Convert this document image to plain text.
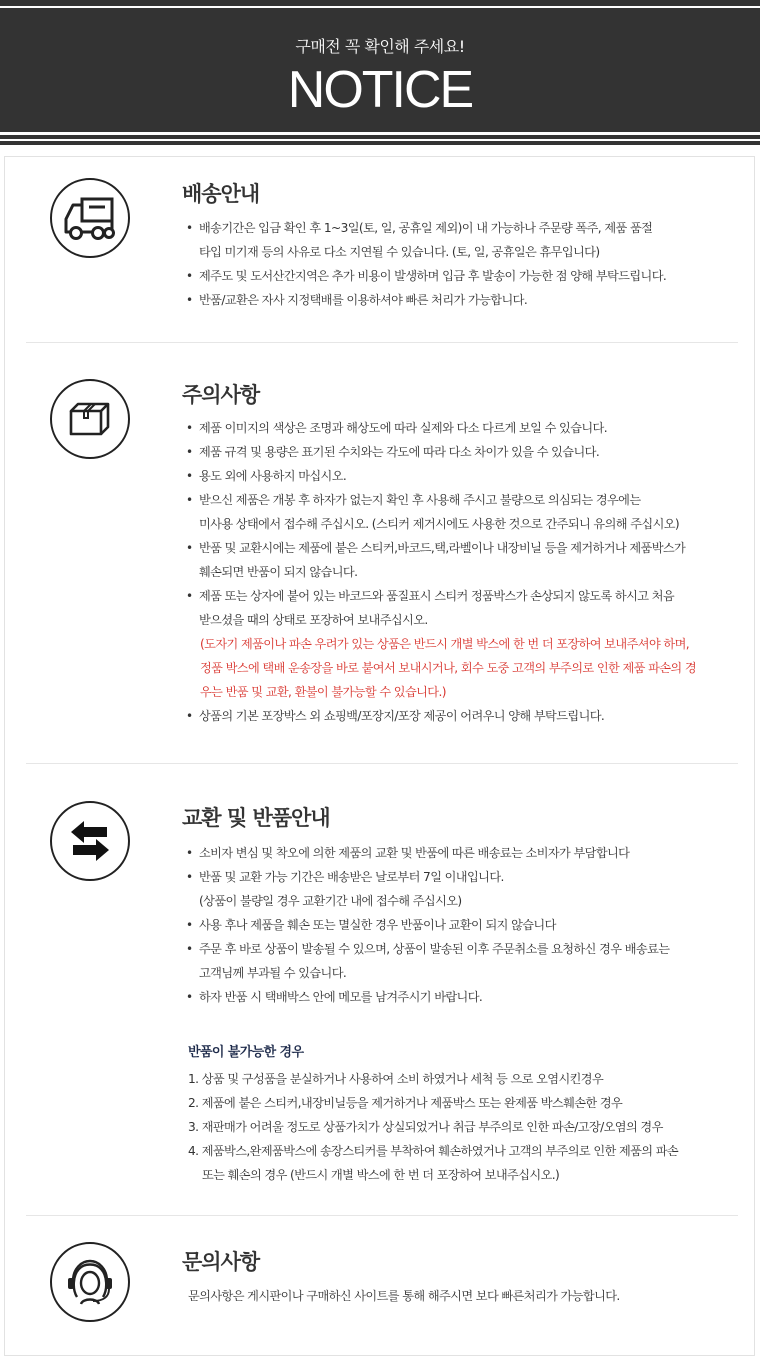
구매전 꼭 확인해 주세요!
NOTICE
배송안내
• 배송기간은 입금 확인 후 1~3일(토, 일, 공휴일 제외)이 내 가능하나 주문량 폭주, 제품 품절
타입 미기재 등의 사유로 다소 지연될 수 있습니다. (토, 일, 공휴일은 휴무입니다)
• 제주도 및 도서산간지역은 추가 비용이 발생하며 입금 후 발송이 가능한 점 양해 부탁드립니다.
• 반품/교환은 자사 지정택배를 이용하셔야 빠른 처리가 가능합니다.
주의사항
• 제품 이미지의 색상은 조명과 해상도에 따라 실제와 다소 다르게 보일 수 있습니다.
• 제품 규격 및 용량은 표기된 수치와는 각도에 따라 다소 차이가 있을 수 있습니다.
• 용도 외에 사용하지 마십시오.
• 받으신 제품은 개봉 후 하자가 없는지 확인 후 사용해 주시고 불량으로 의심되는 경우에는
미사용 상태에서 접수해 주십시오. (스티커 제거시에도 사용한 것으로 간주되니 유의해 주십시오)
• 반품 및 교환시에는 제품에 붙은 스티커,바코드,택,라벨이나 내장비닐 등을 제거하거나 제품박스가
훼손되면 반품이 되지 않습니다.
• 제품 또는 상자에 붙어 있는 바코드와 품질표시 스티커 정품박스가 손상되지 않도록 하시고 처음
받으셨을 때의 상태로 포장하여 보내주십시오.
(도자기 제품이나 파손 우려가 있는 상품은 반드시 개별 박스에 한 번 더 포장하여 보내주셔야 하며,
정품 박스에 택배 운송장을 바로 붙여서 보내시거나, 회수 도중 고객의 부주의로 인한 제품 파손의 경
우는 반품 및 교환, 환불이 불가능할 수 있습니다.)
• 상품의 기본 포장박스 외 쇼핑백/포장지/포장 제공이 어려우니 양해 부탁드립니다.
교환 및 반품안내
• 소비자 변심 및 착오에 의한 제품의 교환 및 반품에 따른 배송료는 소비자가 부담합니다
• 반품 및 교환 가능 기간은 배송받은 날로부터 7일 이내입니다.
(상품이 불량일 경우 교환기간 내에 접수해 주십시오)
• 사용 후나 제품을 훼손 또는 멸실한 경우 반품이나 교환이 되지 않습니다
• 주문 후 바로 상품이 발송될 수 있으며, 상품이 발송된 이후 주문취소를 요청하신 경우 배송료는
고객님께 부과될 수 있습니다.
• 하자 반품 시 택배박스 안에 메모를 남겨주시기 바랍니다.
반품이 불가능한 경우
1. 상품 및 구성품을 분실하거나 사용하여 소비 하였거나 세척 등 으로 오염시킨경우
2. 제품에 붙은 스티커,내장비닐등을 제거하거나 제품박스 또는 완제품 박스훼손한 경우
3. 재판매가 어려울 정도로 상품가치가 상실되었거나 취급 부주의로 인한 파손/고장/오염의 경우
4. 제품박스,완제품박스에 송장스티커를 부착하여 훼손하였거나 고객의 부주의로 인한 제품의 파손
또는 훼손의 경우 (반드시 개별 박스에 한 번 더 포장하여 보내주십시오.)
문의사항
문의사항은 게시판이나 구매하신 사이트를 통해 해주시면 보다 빠른처리가 가능합니다.
